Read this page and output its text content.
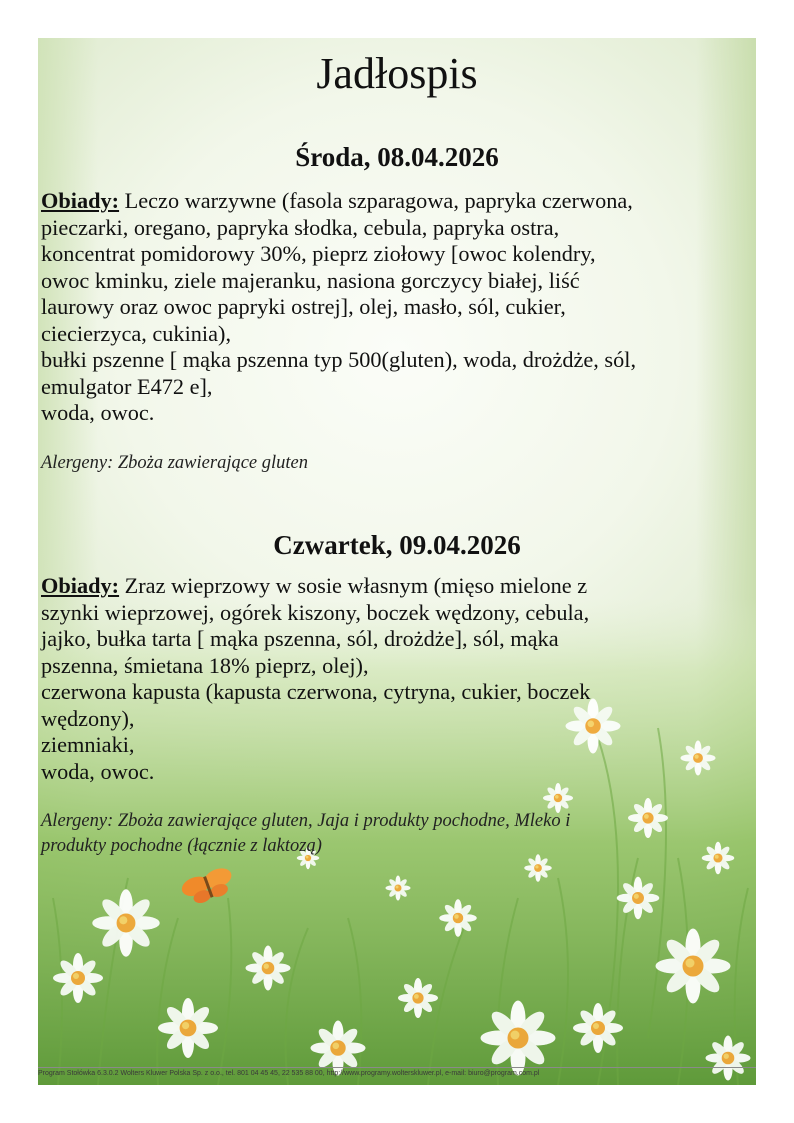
Jadłospis
Środa, 08.04.2026

Obiady: Leczo warzywne (fasola szparagowa, papryka czerwona,
pieczarki, oregano, papryka słodka, cebula, papryka ostra,
koncentrat pomidorowy 30%, pieprz ziołowy [owoc kolendry,
owoc kminku, ziele majeranku, nasiona gorczycy białej, liść
laurowy oraz owoc papryki ostrej], olej, masło, sól, cukier,
ciecierzyca, cukinia),
bułki pszenne [ mąka pszenna typ 500(gluten), woda, drożdże, sól,
emulgator E472 e],
woda, owoc.

Alergeny: Zboża zawierające gluten

Czwartek, 09.04.2026

Obiady: Zraz wieprzowy w sosie własnym (mięso mielone z
szynki wieprzowej, ogórek kiszony, boczek wędzony, cebula,
jajko, bułka tarta [ mąka pszenna, sól, drożdże], sól, mąka
pszenna, śmietana 18% pieprz, olej),
czerwona kapusta (kapusta czerwona, cytryna, cukier, boczek
wędzony),
ziemniaki,
woda, owoc.

Alergeny: Zboża zawierające gluten, Jaja i produkty pochodne, Mleko i
produkty pochodne (łącznie z laktozą)

Program Stołówka 6.3.0.2 Wolters Kluwer Polska Sp. z o.o., tel. 801 04 45 45, 22 535 88 00, http://www.programy.wolterskluwer.pl, e-mail: biuro@program.com.pl
